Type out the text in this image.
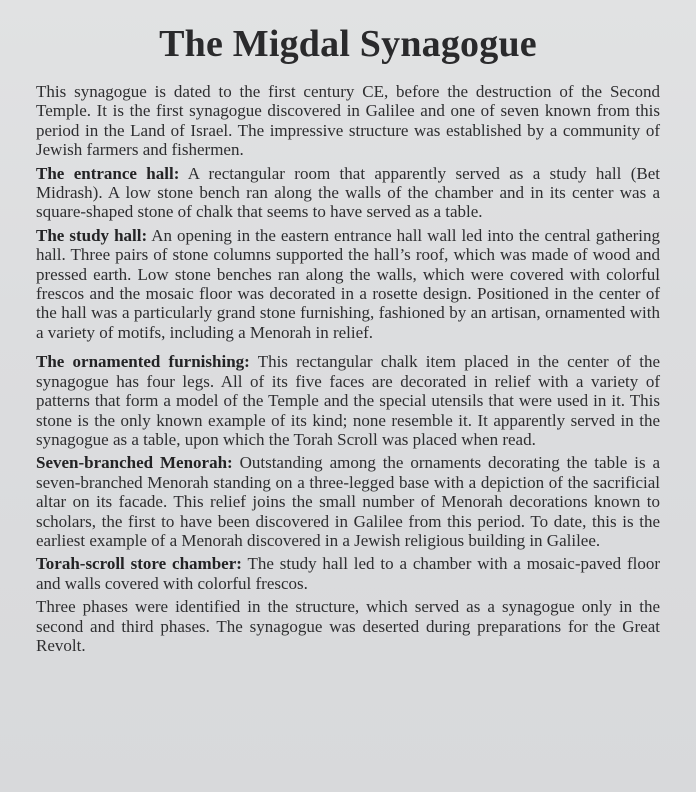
The Migdal Synagogue

This synagogue is dated to the first century CE, before the destruction of the Second Temple. It is the first synagogue discovered in Galilee and one of seven known from this period in the Land of Israel. The impressive structure was established by a community of Jewish farmers and fishermen.

The entrance hall: A rectangular room that apparently served as a study hall (Bet Midrash). A low stone bench ran along the walls of the chamber and in its center was a square-shaped stone of chalk that seems to have served as a table.

The study hall: An opening in the eastern entrance hall wall led into the central gathering hall. Three pairs of stone columns supported the hall’s roof, which was made of wood and pressed earth. Low stone benches ran along the walls, which were covered with colorful frescos and the mosaic floor was decorated in a rosette design. Positioned in the center of the hall was a particularly grand stone furnishing, fashioned by an artisan, ornamented with a variety of motifs, including a Menorah in relief.

The ornamented furnishing: This rectangular chalk item placed in the center of the synagogue has four legs. All of its five faces are decorated in relief with a variety of patterns that form a model of the Temple and the special utensils that were used in it. This stone is the only known example of its kind; none resemble it. It apparently served in the synagogue as a table, upon which the Torah Scroll was placed when read.

Seven-branched Menorah: Outstanding among the ornaments decorating the table is a seven-branched Menorah standing on a three-legged base with a depiction of the sacrificial altar on its facade. This relief joins the small number of Menorah decorations known to scholars, the first to have been discovered in Galilee from this period. To date, this is the earliest example of a Menorah discovered in a Jewish religious building in Galilee.

Torah-scroll store chamber: The study hall led to a chamber with a mosaic-paved floor and walls covered with colorful frescos.

Three phases were identified in the structure, which served as a synagogue only in the second and third phases. The synagogue was deserted during preparations for the Great Revolt.
